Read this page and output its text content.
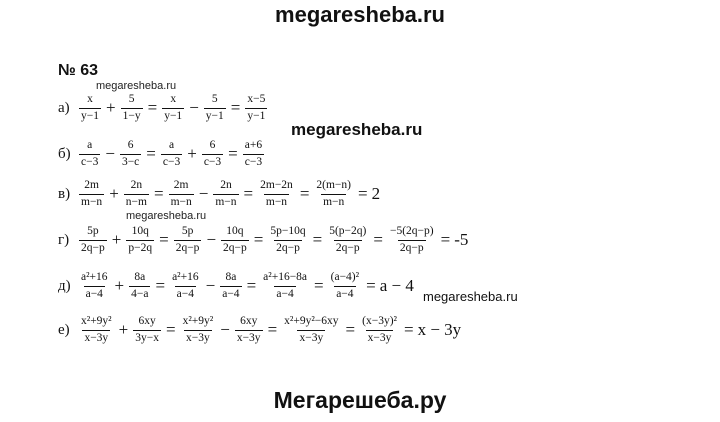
megaresheba.ru
№ 63
megaresheba.ru
$а) \frac{x}{y-1} + \frac{5}{1-y} = \frac{x}{y-1} - \frac{5}{y-1} = \frac{x-5}{y-1}$
megaresheba.ru
$б) \frac{a}{c-3} - \frac{6}{3-c} = \frac{a}{c-3} + \frac{6}{c-3} = \frac{a+6}{c-3}$
$в) \frac{2m}{m-n} + \frac{2n}{n-m} = \frac{2m}{m-n} - \frac{2n}{m-n} = \frac{2m-2n}{m-n} = \frac{2(m-n)}{m-n} = 2$
megaresheba.ru
$г) \frac{5p}{2q-p} + \frac{10q}{p-2q} = \frac{5p}{2q-p} - \frac{10q}{2q-p} = \frac{5p-10q}{2q-p} = \frac{5(p-2q)}{2q-p} = \frac{-5(2q-p)}{2q-p} = -5$
$д) \frac{\text{a²+16}}{a-4} + \frac{8a}{4-a} = \frac{\text{a²+16}}{a-4} - \frac{8a}{a-4} = \frac{\text{a²+16−8a}}{a-4} = \frac{\text{(a−4)²}}{a-4} = a - 4$
megaresheba.ru
$е) \frac{\text{x²+9y²}}{x-3y} + \frac{6xy}{3y-x} = \frac{\text{x²+9y²}}{x-3y} - \frac{6xy}{x-3y} = \frac{\text{x²+9y²−6xy}}{x-3y} = \frac{\text{(x−3y)²}}{x-3y} = x - 3y$
Мегарешеба.ру
